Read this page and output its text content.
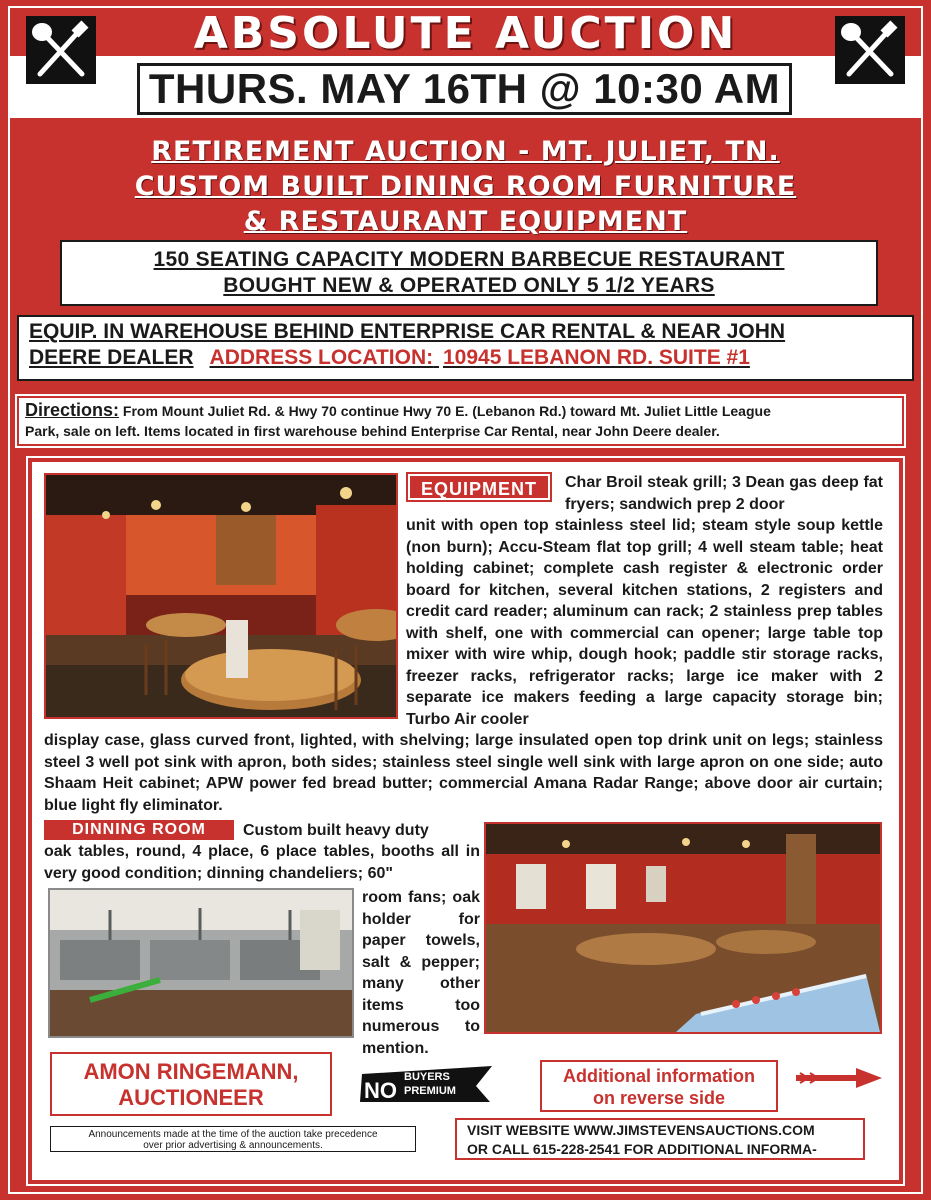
ABSOLUTE AUCTION
THURS. MAY 16TH @ 10:30 AM
RETIREMENT AUCTION - MT. JULIET, TN.
CUSTOM BUILT DINING ROOM FURNITURE
& RESTAURANT EQUIPMENT
150 SEATING CAPACITY MODERN BARBECUE RESTAURANT
BOUGHT NEW & OPERATED ONLY 5 1/2 YEARS
EQUIP. IN WAREHOUSE BEHIND ENTERPRISE CAR RENTAL & NEAR JOHN
DEERE DEALER ADDRESS LOCATION: 10945 LEBANON RD. SUITE #1
Directions: From Mount Juliet Rd. & Hwy 70 continue Hwy 70 E. (Lebanon Rd.) toward Mt. Juliet Little League
Park, sale on left. Items located in first warehouse behind Enterprise Car Rental, near John Deere dealer.
EQUIPMENT	Char Broil steak grill; 3 Dean gas deep fat fryers; sandwich prep 2 door
unit with open top stainless steel lid; steam style soup kettle (non burn); Accu-Steam flat top grill; 4 well steam table; heat holding cabinet; complete cash register & electronic order board for kitchen, several kitchen stations, 2 registers and credit card reader; aluminum can rack; 2 stainless prep tables with shelf, one with commercial can opener; large table top mixer with wire whip, dough hook; paddle stir storage racks, freezer racks, refrigerator racks; large ice maker with 2 separate ice makers feeding a large capacity storage bin; Turbo Air cooler
display case, glass curved front, lighted, with shelving; large insulated open top drink unit on legs; stainless steel 3 well pot sink with apron, both sides; stainless steel single well sink with large apron on one side; auto Shaam Heit cabinet; APW power fed bread butter; commercial Amana Radar Range; above door air curtain; blue light fly eliminator.
DINNING ROOM	Custom built heavy duty
oak tables, round, 4 place, 6 place tables, booths all in very good condition; dinning chandeliers; 60"
room fans; oak holder for paper towels, salt & pepper; many other items too numerous to mention.
AMON RINGEMANN,
AUCTIONEER
Announcements made at the time of the auction take precedence
over prior advertising & announcements.
NO
BUYERS
PREMIUM
Additional information
on reverse side
VISIT WEBSITE WWW.JIMSTEVENSAUCTIONS.COM
OR CALL 615-228-2541 FOR ADDITIONAL INFORMA-
